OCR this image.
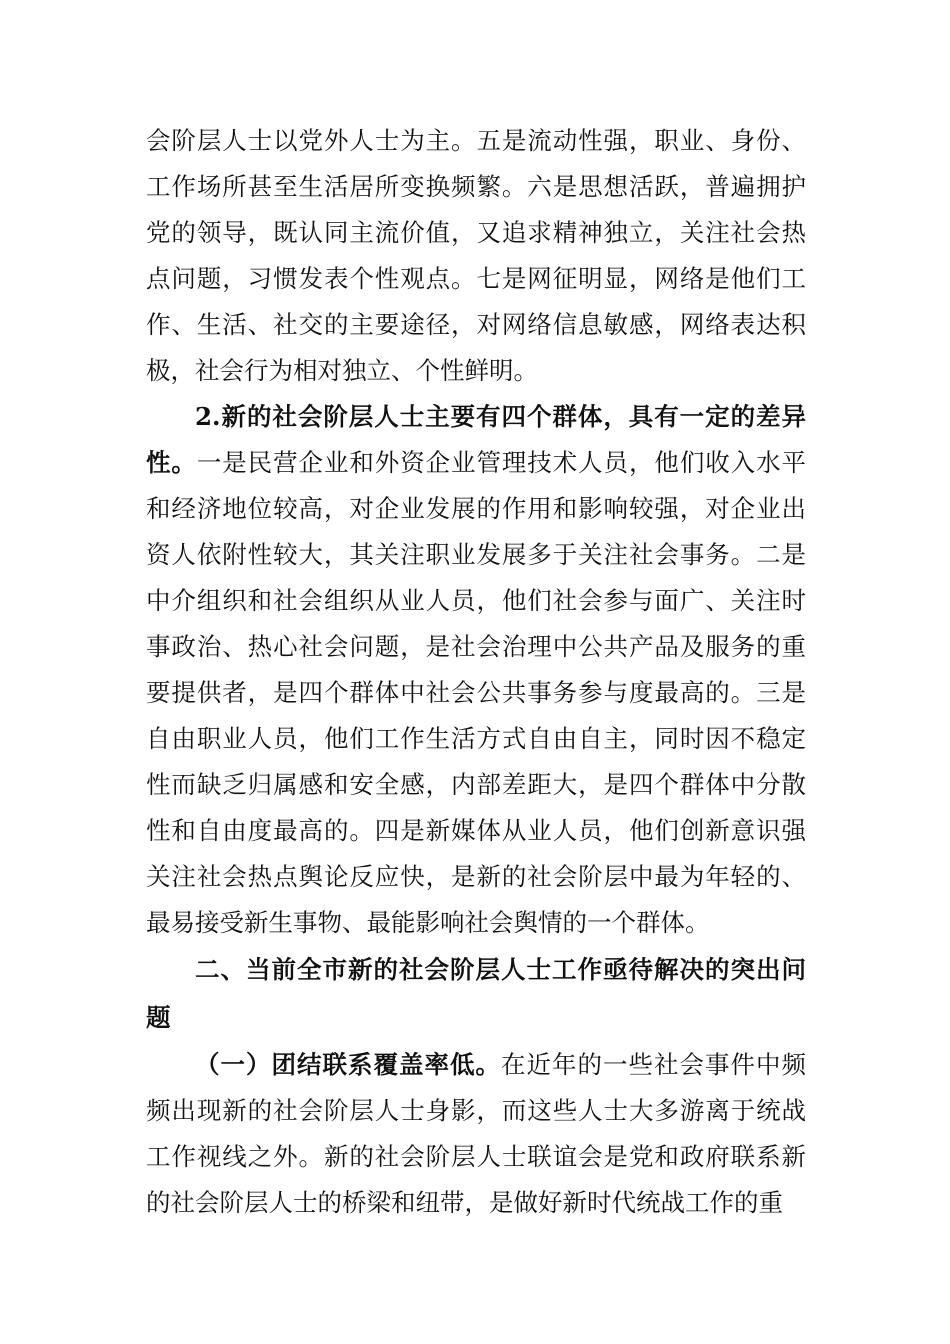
会阶层人士以党外人士为主。五是流动性强，职业、身份、工作场所甚至生活居所变换频繁。六是思想活跃，普遍拥护党的领导，既认同主流价值，又追求精神独立，关注社会热点问题，习惯发表个性观点。七是网征明显，网络是他们工作、生活、社交的主要途径，对网络信息敏感，网络表达积极，社会行为相对独立、个性鲜明。

2.新的社会阶层人士主要有四个群体，具有一定的差异性。一是民营企业和外资企业管理技术人员，他们收入水平和经济地位较高，对企业发展的作用和影响较强，对企业出资人依附性较大，其关注职业发展多于关注社会事务。二是中介组织和社会组织从业人员，他们社会参与面广、关注时事政治、热心社会问题，是社会治理中公共产品及服务的重要提供者，是四个群体中社会公共事务参与度最高的。三是自由职业人员，他们工作生活方式自由自主，同时因不稳定性而缺乏归属感和安全感，内部差距大，是四个群体中分散性和自由度最高的。四是新媒体从业人员，他们创新意识强关注社会热点舆论反应快，是新的社会阶层中最为年轻的、最易接受新生事物、最能影响社会舆情的一个群体。

二、当前全市新的社会阶层人士工作亟待解决的突出问题

（一）团结联系覆盖率低。在近年的一些社会事件中频频出现新的社会阶层人士身影，而这些人士大多游离于统战工作视线之外。新的社会阶层人士联谊会是党和政府联系新的社会阶层人士的桥梁和纽带，是做好新时代统战工作的重
